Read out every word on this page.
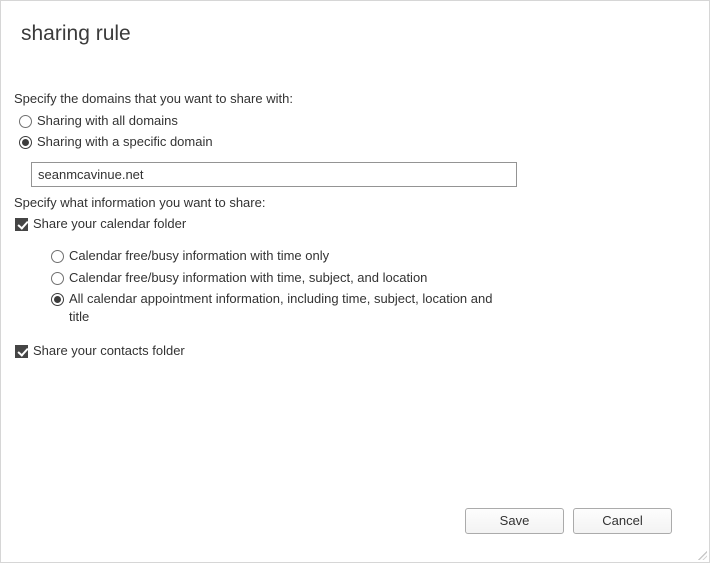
sharing rule
Specify the domains that you want to share with:
Sharing with all domains
Sharing with a specific domain
seanmcavinue.net
Specify what information you want to share:
Share your calendar folder
Calendar free/busy information with time only
Calendar free/busy information with time, subject, and location
All calendar appointment information, including time, subject, location and title
Share your contacts folder
Save	Cancel
